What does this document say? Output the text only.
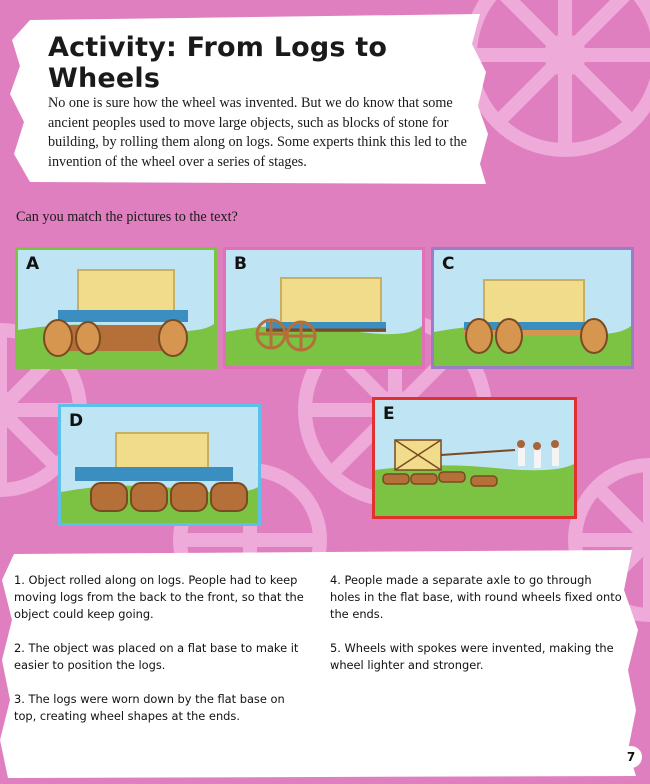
Activity: From Logs to Wheels

No one is sure how the wheel was invented. But we do know that some ancient peoples used to move large objects, such as blocks of stone for building, by rolling them along on logs. Some experts think this led to the invention of the wheel over a series of stages.

Can you match the pictures to the text?

A	B	C
D	E

1. Object rolled along on logs. People had to keep moving logs from the back to the front, so that the object could keep going.

2. The object was placed on a flat base to make it easier to position the logs.

3. The logs were worn down by the flat base on top, creating wheel shapes at the ends.

4. People made a separate axle to go through holes in the flat base, with round wheels fixed onto the ends.

5. Wheels with spokes were invented, making the wheel lighter and stronger.

7
